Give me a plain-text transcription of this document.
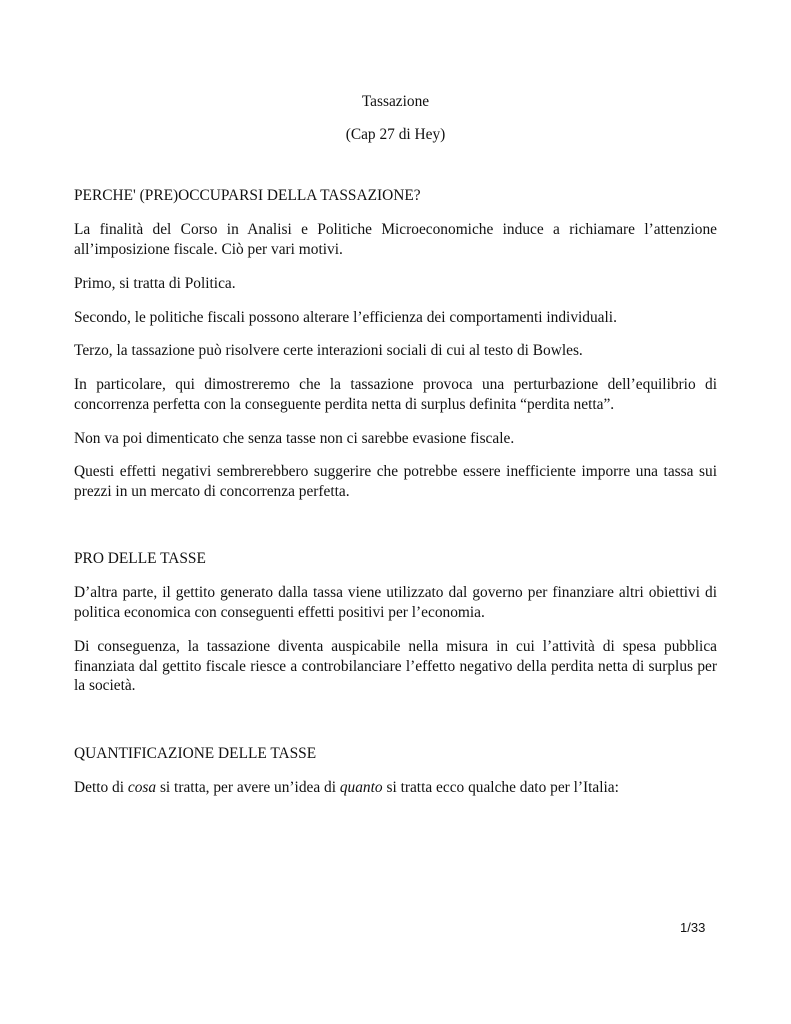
Tassazione
(Cap 27 di Hey)

PERCHE' (PRE)OCCUPARSI DELLA TASSAZIONE?

La finalità del Corso in Analisi e Politiche Microeconomiche induce a richiamare l’attenzione all’imposizione fiscale. Ciò per vari motivi.

Primo, si tratta di Politica.

Secondo, le politiche fiscali possono alterare l’efficienza dei comportamenti individuali.

Terzo, la tassazione può risolvere certe interazioni sociali di cui al testo di Bowles.

In particolare, qui dimostreremo che la tassazione provoca una perturbazione dell’equilibrio di concorrenza perfetta con la conseguente perdita netta di surplus definita “perdita netta”.

Non va poi dimenticato che senza tasse non ci sarebbe evasione fiscale.

Questi effetti negativi sembrerebbero suggerire che potrebbe essere inefficiente imporre una tassa sui prezzi in un mercato di concorrenza perfetta.

PRO DELLE TASSE

D’altra parte, il gettito generato dalla tassa viene utilizzato dal governo per finanziare altri obiettivi di politica economica con conseguenti effetti positivi per l’economia.

Di conseguenza, la tassazione diventa auspicabile nella misura in cui l’attività di spesa pubblica finanziata dal gettito fiscale riesce a controbilanciare l’effetto negativo della perdita netta di surplus per la società.

QUANTIFICAZIONE DELLE TASSE

Detto di cosa si tratta, per avere un’idea di quanto si tratta ecco qualche dato per l’Italia:

1/33
